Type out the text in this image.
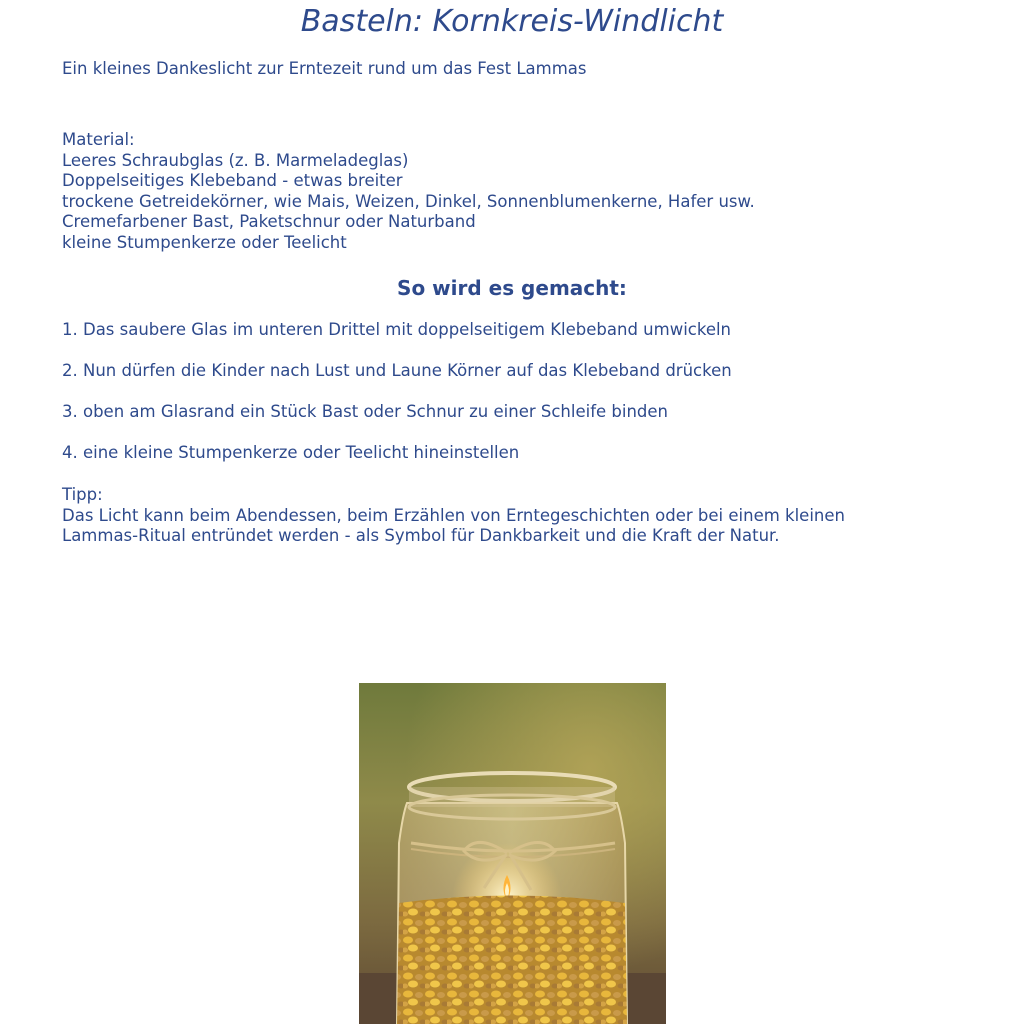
Basteln: Kornkreis-Windlicht
Ein kleines Dankeslicht zur Erntezeit rund um das Fest Lammas
Material:
Leeres Schraubglas (z. B. Marmeladeglas)
Doppelseitiges Klebeband - etwas breiter
trockene Getreidekörner, wie Mais, Weizen, Dinkel, Sonnenblumenkerne, Hafer usw.
Cremefarbener Bast, Paketschnur oder Naturband
kleine Stumpenkerze oder Teelicht
So wird es gemacht:
1. Das saubere Glas im unteren Drittel mit doppelseitigem Klebeband umwickeln
2. Nun dürfen die Kinder nach Lust und Laune Körner auf das Klebeband drücken
3. oben am Glasrand ein Stück Bast oder Schnur zu einer Schleife binden
4. eine kleine Stumpenkerze oder Teelicht hineinstellen
Tipp:
Das Licht kann beim Abendessen, beim Erzählen von Erntegeschichten oder bei einem kleinen
Lammas-Ritual entründet werden - als Symbol für Dankbarkeit und die Kraft der Natur.
